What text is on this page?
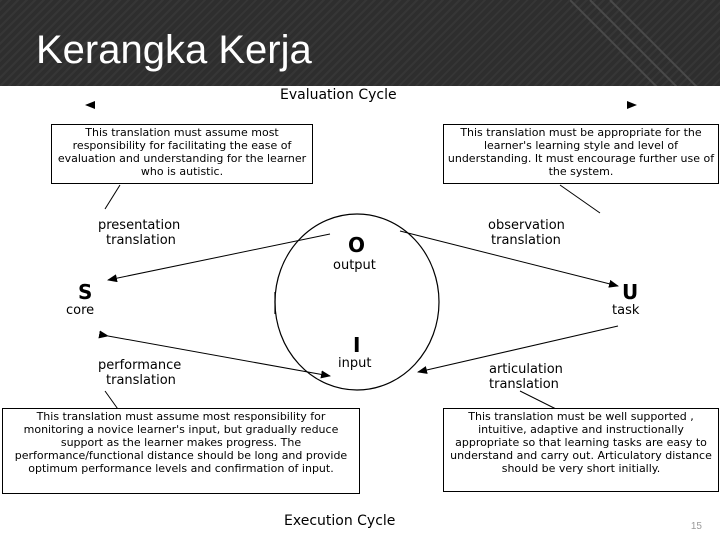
Kerangka Kerja
Evaluation Cycle
This translation must assume most responsibility for facilitating the ease of evaluation and understanding for the learner who is autistic.
This translation must be appropriate for the learner's learning style and level of understanding. It must encourage further use of the system.
presentation
translation
observation
translation
O
output
S
core
U
task
I
input
performance
translation
articulation
translation
This translation must assume most responsibility for monitoring a novice learner's input, but gradually reduce support as the learner makes progress. The performance/functional distance should be long and provide optimum performance levels and confirmation of input.
This translation must be well supported , intuitive, adaptive and instructionally appropriate so that learning tasks are easy to understand and carry out. Articulatory distance should be very short initially.
Execution Cycle	15
